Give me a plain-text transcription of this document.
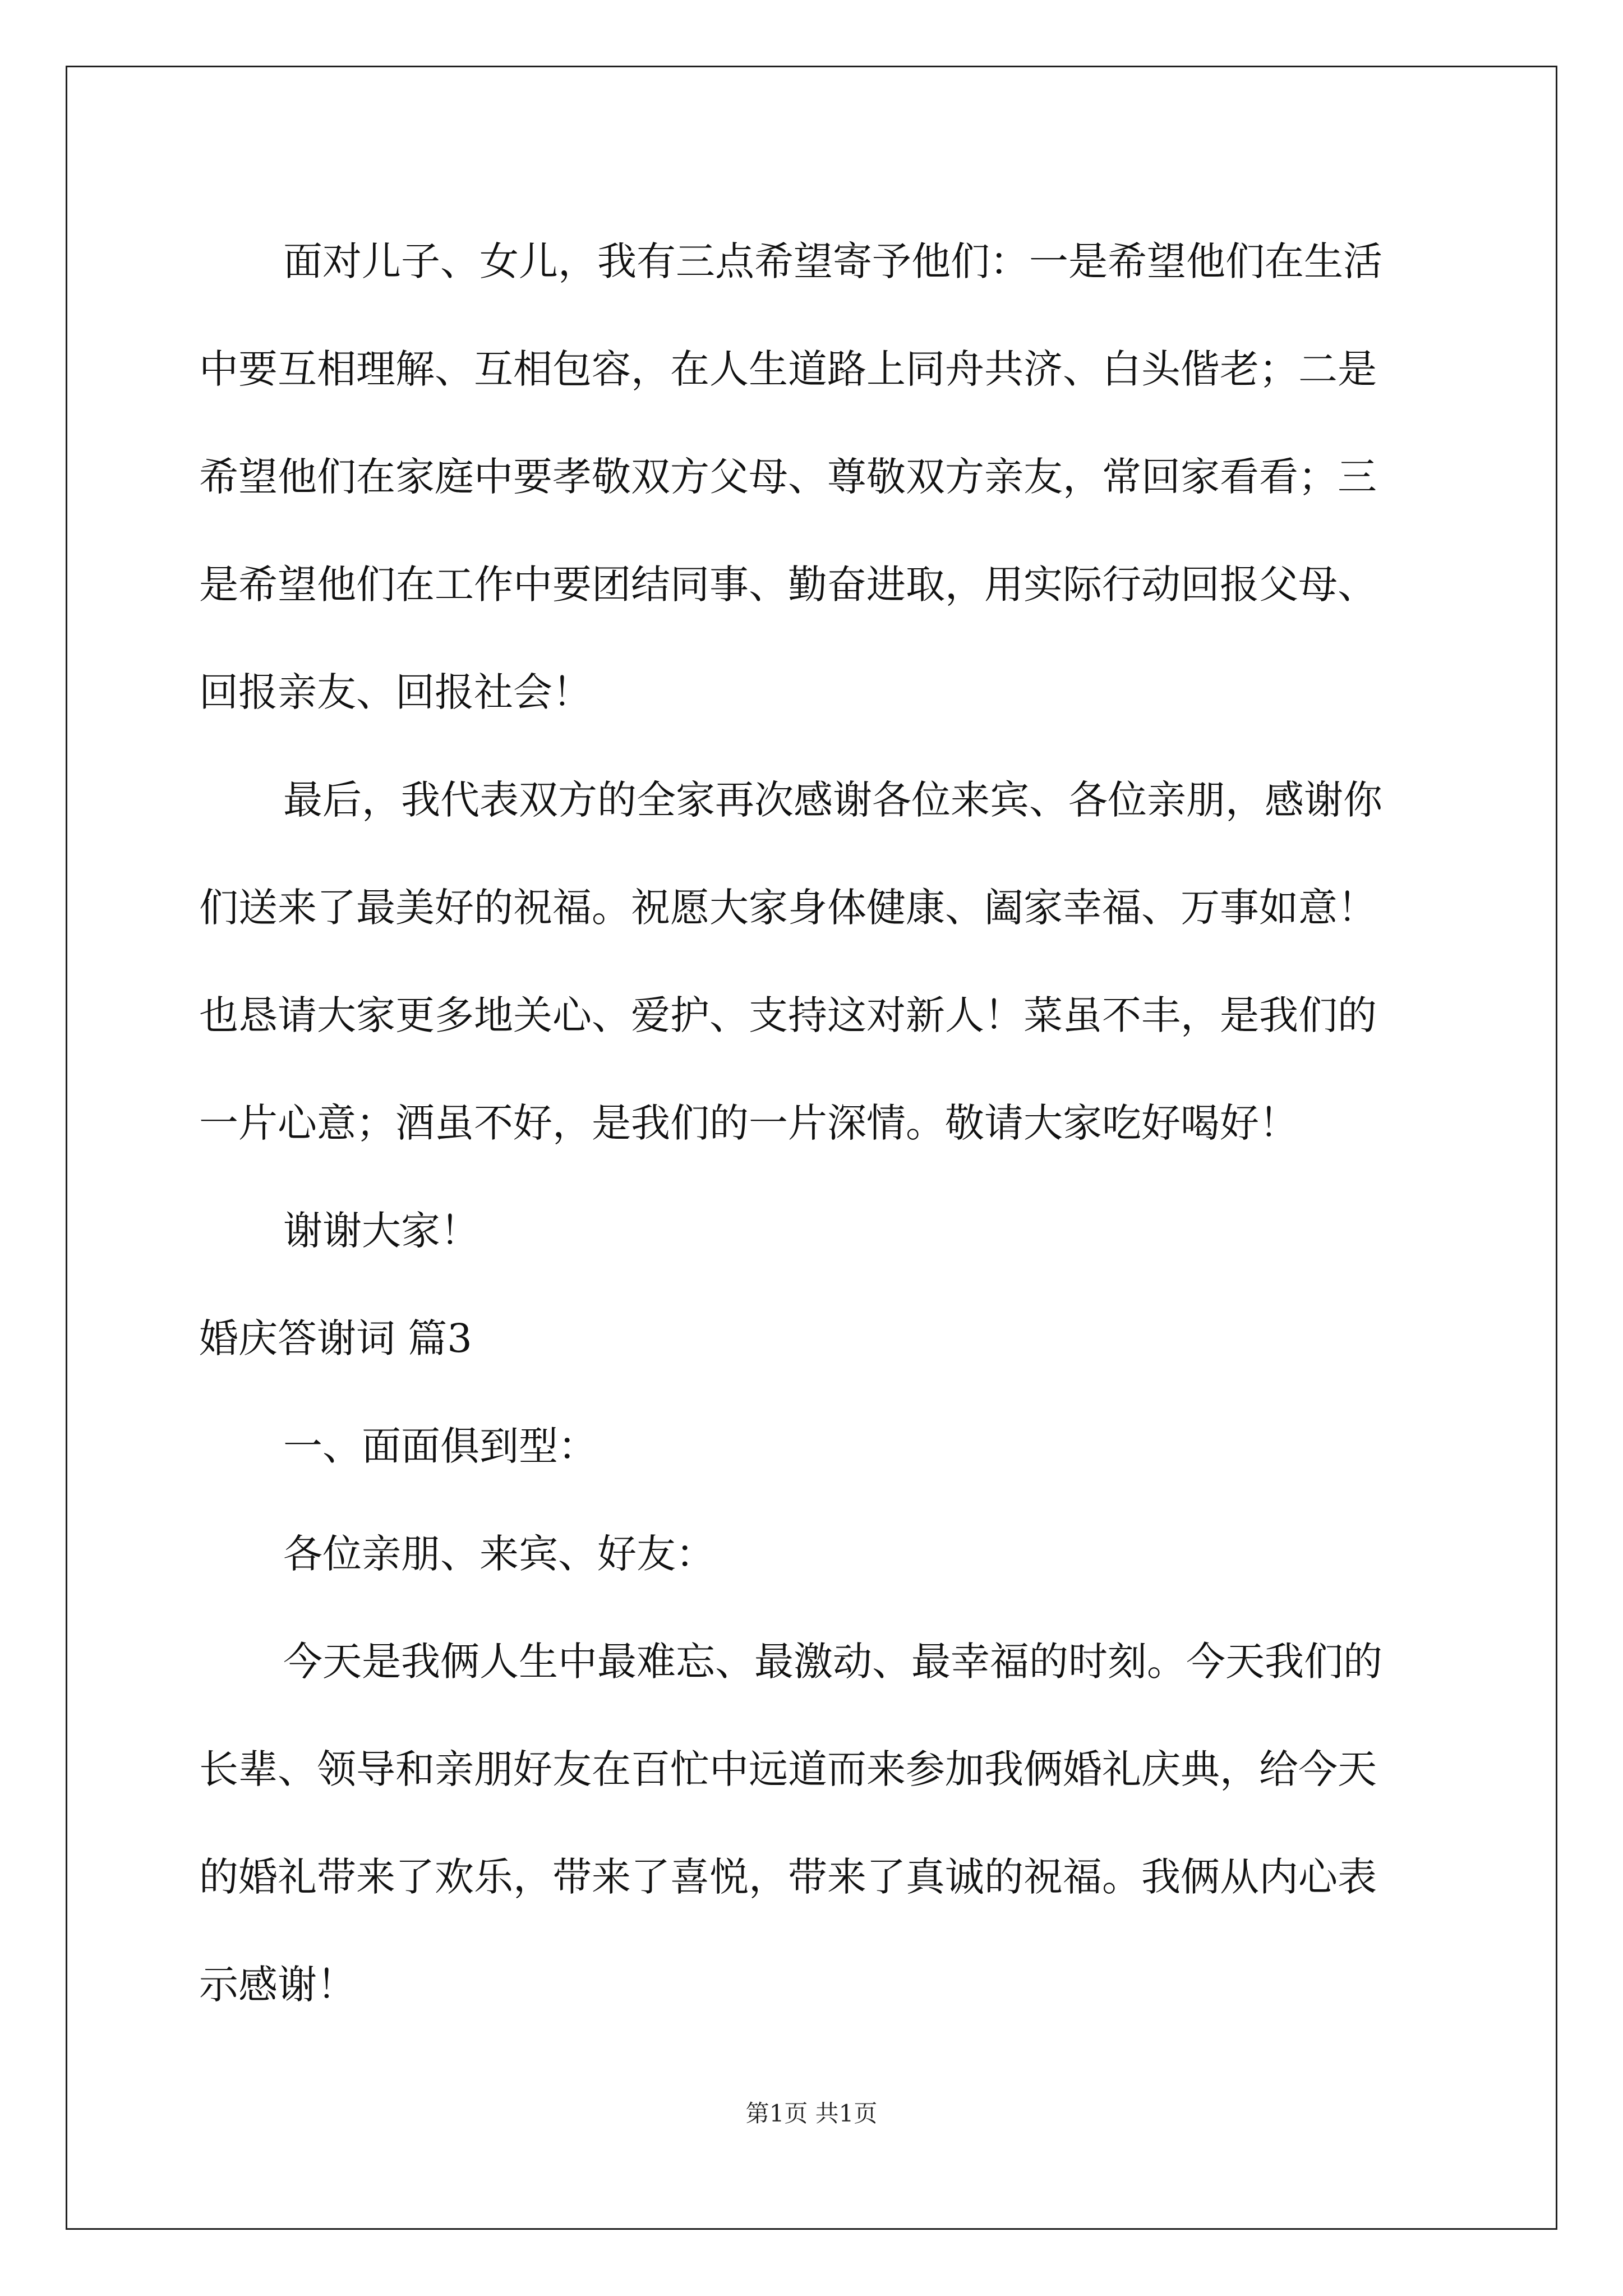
面对儿子、女儿，我有三点希望寄予他们：一是希望他们在生活
中要互相理解、互相包容，在人生道路上同舟共济、白头偕老；二是
希望他们在家庭中要孝敬双方父母、尊敬双方亲友，常回家看看；三
是希望他们在工作中要团结同事、勤奋进取，用实际行动回报父母、
回报亲友、回报社会！
最后，我代表双方的全家再次感谢各位来宾、各位亲朋，感谢你
们送来了最美好的祝福。祝愿大家身体健康、阖家幸福、万事如意！
也恳请大家更多地关心、爱护、支持这对新人！菜虽不丰，是我们的
一片心意；酒虽不好，是我们的一片深情。敬请大家吃好喝好！
谢谢大家！
婚庆答谢词 篇3
一、面面俱到型：
各位亲朋、来宾、好友：
今天是我俩人生中最难忘、最激动、最幸福的时刻。今天我们的
长辈、领导和亲朋好友在百忙中远道而来参加我俩婚礼庆典，给今天
的婚礼带来了欢乐，带来了喜悦，带来了真诚的祝福。我俩从内心表
示感谢！
第1页 共1页
